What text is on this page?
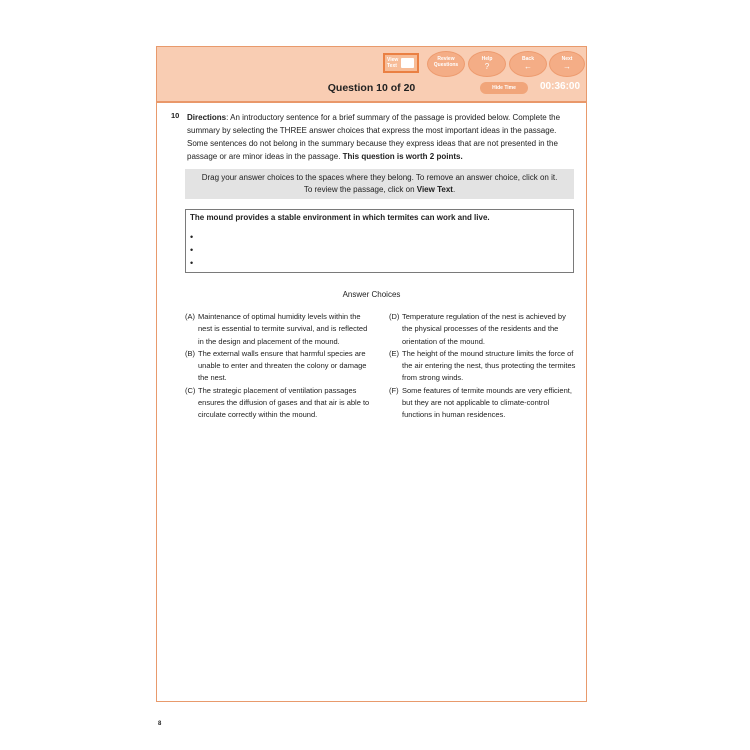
View Text
Review Questions
Help
?
Back
←
Next
→
Question 10 of 20	Hide Time	00:36:00
10 Directions: An introductory sentence for a brief summary of the passage is provided below. Complete the summary by selecting the THREE answer choices that express the most important ideas in the passage. Some sentences do not belong in the summary because they express ideas that are not presented in the passage or are minor ideas in the passage. This question is worth 2 points.
Drag your answer choices to the spaces where they belong. To remove an answer choice, click on it.
To review the passage, click on View Text.
The mound provides a stable environment in which termites can work and live.
•
•
•
Answer Choices

(A) Maintenance of optimal humidity levels within the nest is essential to termite survival, and is reflected in the design and placement of the mound.

(B) The external walls ensure that harmful species are unable to enter and threaten the colony or damage the nest.

(C) The strategic placement of ventilation passages ensures the diffusion of gases and that air is able to circulate correctly within the mound.

(D) Temperature regulation of the nest is achieved by the physical processes of the residents and the orientation of the mound.

(E) The height of the mound structure limits the force of the air entering the nest, thus protecting the termites from strong winds.

(F) Some features of termite mounds are very efficient, but they are not applicable to climate-control functions in human residences.

8
